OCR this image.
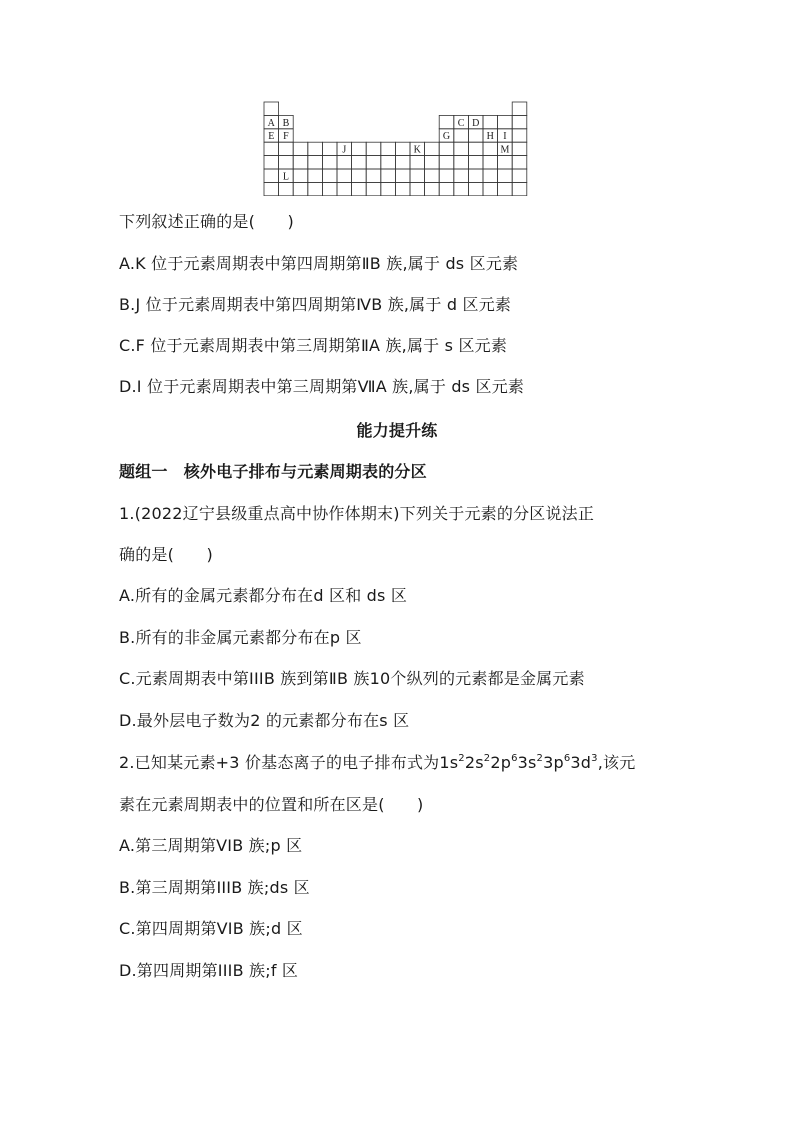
A B
E F
C D
G	H I
M
J	K
L
下列叙述正确的是(　　)
A.K 位于元素周期表中第四周期第ⅡB 族,属于 ds 区元素
B.J 位于元素周期表中第四周期第ⅣB 族,属于 d 区元素
C.F 位于元素周期表中第三周期第ⅡA 族,属于 s 区元素
D.I 位于元素周期表中第三周期第ⅦA 族,属于 ds 区元素
能力提升练
题组一　核外电子排布与元素周期表的分区
1.(2022辽宁县级重点高中协作体期末)下列关于元素的分区说法正
确的是(　　)
A.所有的金属元素都分布在d 区和 ds 区
B.所有的非金属元素都分布在p 区
C.元素周期表中第IIIB 族到第ⅡB 族10个纵列的元素都是金属元素
D.最外层电子数为2 的元素都分布在s 区
2.已知某元素+3 价基态离子的电子排布式为$1s^22s^22p^63s^23p^63d^3$,该元
素在元素周期表中的位置和所在区是(　　)
A.第三周期第VIB 族;p 区
B.第三周期第IIIB 族;ds 区
C.第四周期第VIB 族;d 区
D.第四周期第IIIB 族;f 区
